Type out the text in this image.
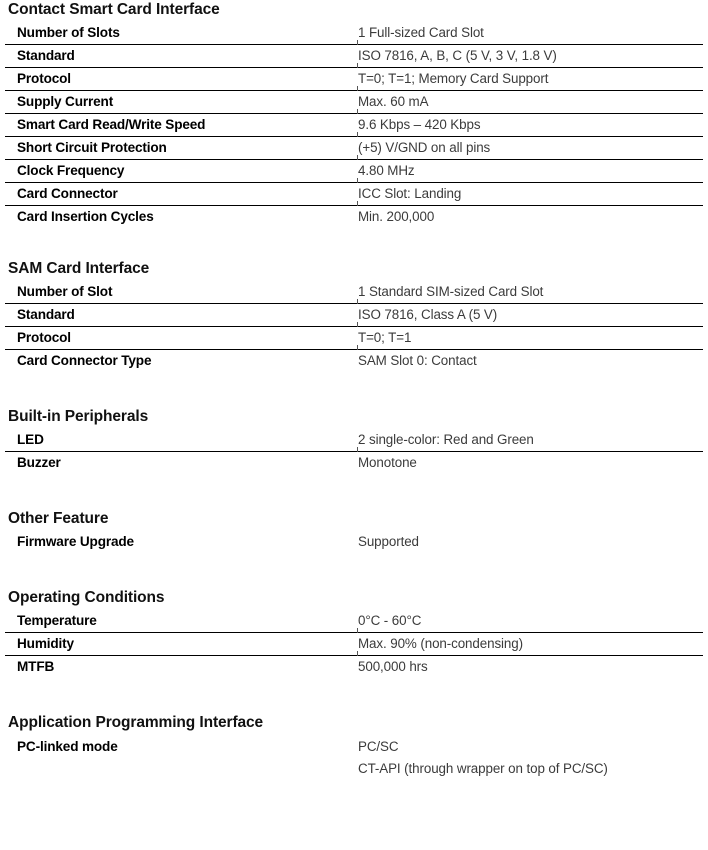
Contact Smart Card Interface
Number of Slots	1 Full-sized Card Slot
Standard	ISO 7816, A, B, C (5 V, 3 V, 1.8 V)
Protocol	T=0; T=1; Memory Card Support
Supply Current	Max. 60 mA
Smart Card Read/Write Speed	9.6 Kbps – 420 Kbps
Short Circuit Protection	(+5) V/GND on all pins
Clock Frequency	4.80 MHz
Card Connector	ICC Slot: Landing
Card Insertion Cycles	Min. 200,000
SAM Card Interface
Number of Slot	1 Standard SIM-sized Card Slot
Standard	ISO 7816, Class A (5 V)
Protocol	T=0; T=1
Card Connector Type	SAM Slot 0: Contact
Built-in Peripherals
LED	2 single-color: Red and Green
Buzzer	Monotone
Other Feature
Firmware Upgrade	Supported
Operating Conditions
Temperature	0°C - 60°C
Humidity	Max. 90% (non-condensing)
MTFB	500,000 hrs
Application Programming Interface
PC-linked mode	PC/SC
CT-API (through wrapper on top of PC/SC)
